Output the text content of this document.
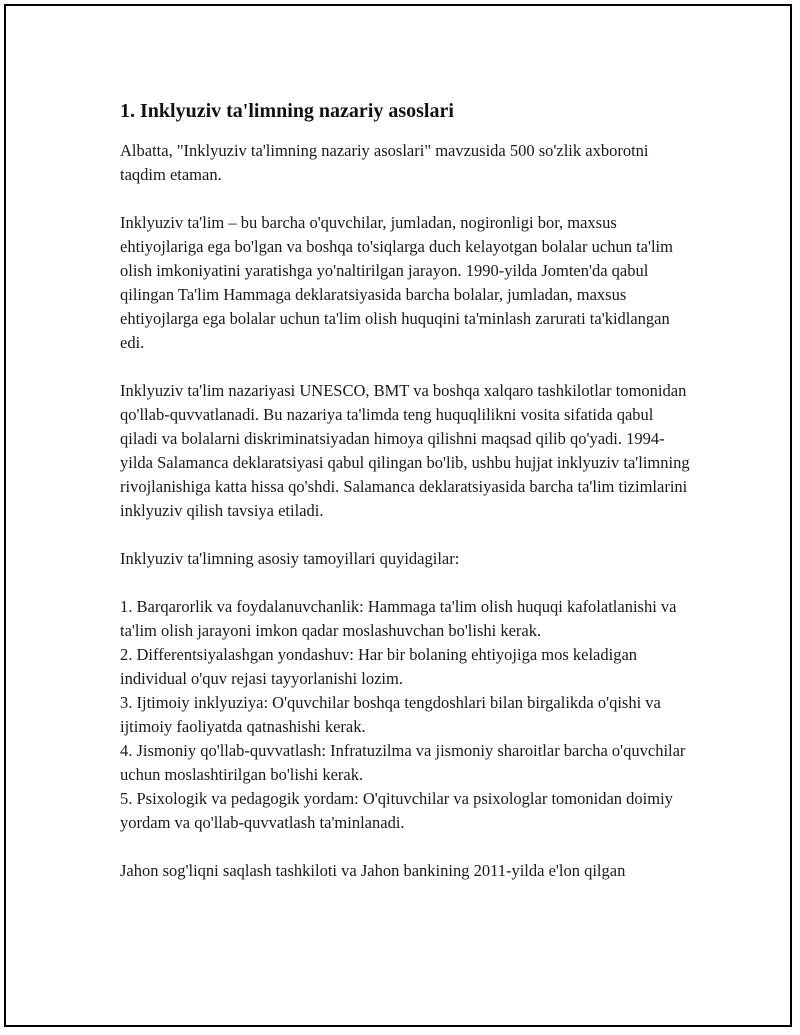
1. Inklyuziv ta'limning nazariy asoslari

Albatta, "Inklyuziv ta'limning nazariy asoslari" mavzusida 500 so'zlik axborotni taqdim etaman.

Inklyuziv ta'lim – bu barcha o'quvchilar, jumladan, nogironligi bor, maxsus ehtiyojlariga ega bo'lgan va boshqa to'siqlarga duch kelayotgan bolalar uchun ta'lim olish imkoniyatini yaratishga yo'naltirilgan jarayon. 1990-yilda Jomten'da qabul qilingan Ta'lim Hammaga deklaratsiyasida barcha bolalar, jumladan, maxsus ehtiyojlarga ega bolalar uchun ta'lim olish huquqini ta'minlash zarurati ta'kidlangan edi.

Inklyuziv ta'lim nazariyasi UNESCO, BMT va boshqa xalqaro tashkilotlar tomonidan qo'llab-quvvatlanadi. Bu nazariya ta'limda teng huquqlilikni vosita sifatida qabul qiladi va bolalarni diskriminatsiyadan himoya qilishni maqsad qilib qo'yadi. 1994-yilda Salamanca deklaratsiyasi qabul qilingan bo'lib, ushbu hujjat inklyuziv ta'limning rivojlanishiga katta hissa qo'shdi. Salamanca deklaratsiyasida barcha ta'lim tizimlarini inklyuziv qilish tavsiya etiladi.

Inklyuziv ta'limning asosiy tamoyillari quyidagilar:

1. Barqarorlik va foydalanuvchanlik: Hammaga ta'lim olish huquqi kafolatlanishi va ta'lim olish jarayoni imkon qadar moslashuvchan bo'lishi kerak.
2. Differentsiyalashgan yondashuv: Har bir bolaning ehtiyojiga mos keladigan individual o'quv rejasi tayyorlanishi lozim.
3. Ijtimoiy inklyuziya: O'quvchilar boshqa tengdoshlari bilan birgalikda o'qishi va ijtimoiy faoliyatda qatnashishi kerak.
4. Jismoniy qo'llab-quvvatlash: Infratuzilma va jismoniy sharoitlar barcha o'quvchilar uchun moslashtirilgan bo'lishi kerak.
5. Psixologik va pedagogik yordam: O'qituvchilar va psixologlar tomonidan doimiy yordam va qo'llab-quvvatlash ta'minlanadi.

Jahon sog'liqni saqlash tashkiloti va Jahon bankining 2011-yilda e'lon qilgan
